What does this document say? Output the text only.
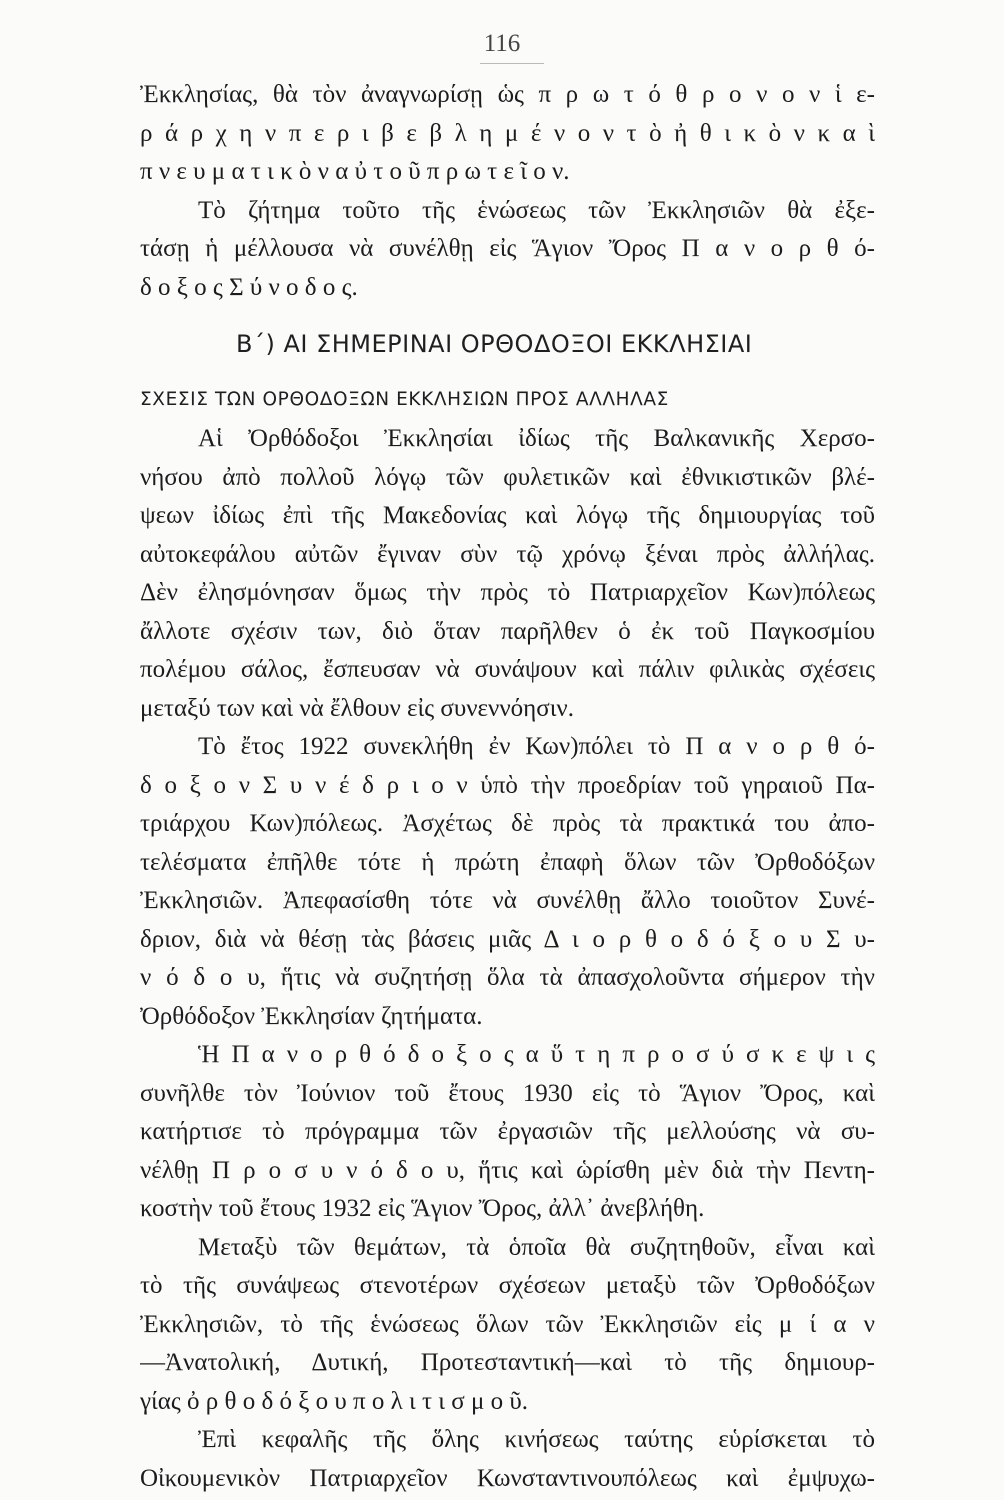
116
Ἐκκλησίας, θὰ τὸν ἀναγνωρίσῃ ὡς π ρ ω τ ό θ ρ ο ν ο ν ἱ ε-
ρ ά ρ χ η ν π ε ρ ι β ε β λ η μ έ ν ο ν τ ὸ ἠ θ ι κ ὸ ν κ α ὶ
π ν ε υ μ α τ ι κ ὸ ν α ὐ τ ο ῦ π ρ ω τ ε ῖ ο ν.
Τὸ ζήτημα τοῦτο τῆς ἑνώσεως τῶν Ἐκκλησιῶν θὰ ἐξε-
τάσῃ ἡ μέλλουσα νὰ συνέλθῃ εἰς Ἅγιον Ὄρος Π α ν ο ρ θ ό-
δ ο ξ ο ς Σ ύ ν ο δ ο ς.
Β΄) ΑΙ ΣΗΜΕΡΙΝΑΙ ΟΡΘΟΔΟΞΟΙ ΕΚΚΛΗΣΙΑΙ
ΣΧΕΣΙΣ ΤΩΝ ΟΡΘΟΔΟΞΩΝ ΕΚΚΛΗΣΙΩΝ ΠΡΟΣ ΑΛΛΗΛΑΣ
Αἱ Ὀρθόδοξοι Ἐκκλησίαι ἰδίως τῆς Βαλκανικῆς Χερσο-
νήσου ἀπὸ πολλοῦ λόγῳ τῶν φυλετικῶν καὶ ἐθνικιστικῶν βλέ-
ψεων ἰδίως ἐπὶ τῆς Μακεδονίας καὶ λόγῳ τῆς δημιουργίας τοῦ
αὐτοκεφάλου αὐτῶν ἔγιναν σὺν τῷ χρόνῳ ξέναι πρὸς ἀλλήλας.
Δὲν ἐλησμόνησαν ὅμως τὴν πρὸς τὸ Πατριαρχεῖον Κων)πόλεως
ἄλλοτε σχέσιν των, διὸ ὅταν παρῆλθεν ὁ ἐκ τοῦ Παγκοσμίου
πολέμου σάλος, ἔσπευσαν νὰ συνάψουν καὶ πάλιν φιλικὰς σχέσεις
μεταξύ των καὶ νὰ ἔλθουν εἰς συνεννόησιν.
Τὸ ἔτος 1922 συνεκλήθη ἐν Κων)πόλει τὸ Π α ν ο ρ θ ό-
δ ο ξ ο ν Σ υ ν έ δ ρ ι ο ν ὑπὸ τὴν προεδρίαν τοῦ γηραιοῦ Πα-
τριάρχου Κων)πόλεως. Ἀσχέτως δὲ πρὸς τὰ πρακτικά του ἀπο-
τελέσματα ἐπῆλθε τότε ἡ πρώτη ἐπαφὴ ὅλων τῶν Ὀρθοδόξων
Ἐκκλησιῶν. Ἀπεφασίσθη τότε νὰ συνέλθῃ ἄλλο τοιοῦτον Συνέ-
δριον, διὰ νὰ θέσῃ τὰς βάσεις μιᾶς Δ ι ο ρ θ ο δ ό ξ ο υ Σ υ-
ν ό δ ο υ, ἥτις νὰ συζητήσῃ ὅλα τὰ ἀπασχολοῦντα σήμερον τὴν
Ὀρθόδοξον Ἐκκλησίαν ζητήματα.
Ἡ Π α ν ο ρ θ ό δ ο ξ ο ς α ὕ τ η π ρ ο σ ύ σ κ ε ψ ι ς
συνῆλθε τὸν Ἰούνιον τοῦ ἔτους 1930 εἰς τὸ Ἅγιον Ὄρος, καὶ
κατήρτισε τὸ πρόγραμμα τῶν ἐργασιῶν τῆς μελλούσης νὰ συ-
νέλθῃ Π ρ ο σ υ ν ό δ ο υ, ἥτις καὶ ὡρίσθη μὲν διὰ τὴν Πεντη-
κοστὴν τοῦ ἔτους 1932 εἰς Ἅγιον Ὄρος, ἀλλ᾽ ἀνεβλήθη.
Μεταξὺ τῶν θεμάτων, τὰ ὁποῖα θὰ συζητηθοῦν, εἶναι καὶ
τὸ τῆς συνάψεως στενοτέρων σχέσεων μεταξὺ τῶν Ὀρθοδόξων
Ἐκκλησιῶν, τὸ τῆς ἑνώσεως ὅλων τῶν Ἐκκλησιῶν εἰς μ ί α ν
—Ἀνατολική, Δυτική, Προτεσταντική—καὶ τὸ τῆς δημιουρ-
γίας ὀ ρ θ ο δ ό ξ ο υ π ο λ ι τ ι σ μ ο ῦ.
Ἐπὶ κεφαλῆς τῆς ὅλης κινήσεως ταύτης εὑρίσκεται τὸ
Οἰκουμενικὸν Πατριαρχεῖον Κωνσταντινουπόλεως καὶ ἐμψυχω-
